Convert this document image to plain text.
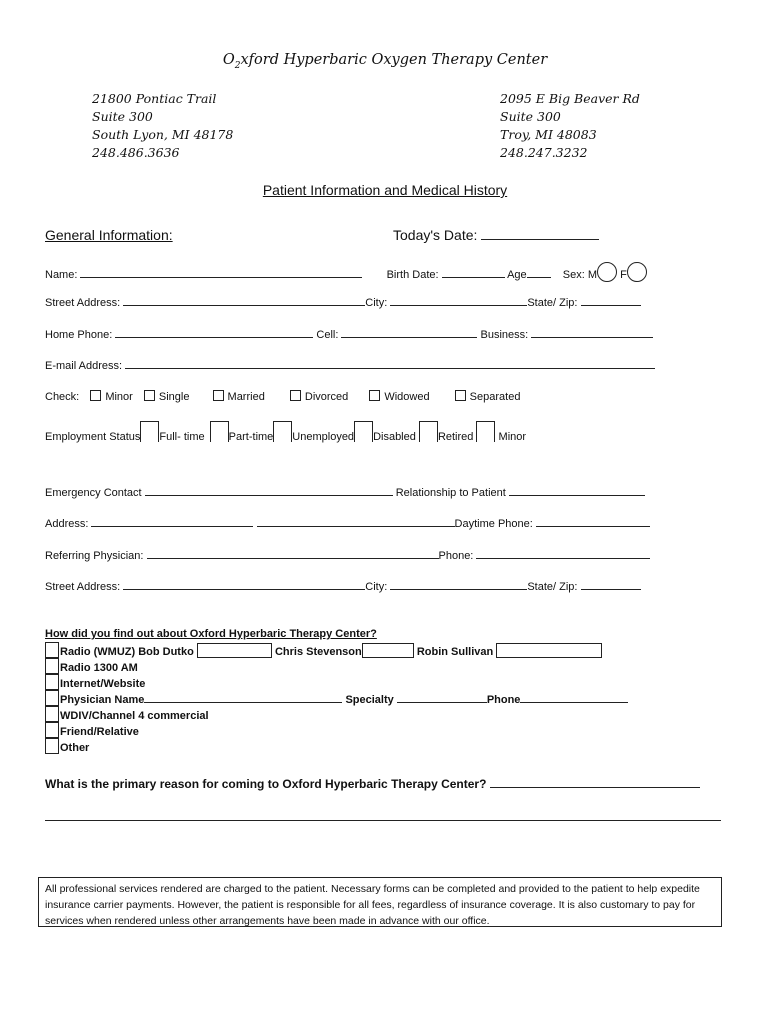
$O_2xford$ Hyperbaric Oxygen Therapy Center
21800 Pontiac Trail
Suite 300
South Lyon, MI 48178
248.486.3636
2095 E Big Beaver Rd
Suite 300
Troy, MI 48083
248.247.3232
Patient Information and Medical History
General Information:	Today's Date:
Name:	Birth Date:	Age	Sex: M F
Street Address:	City:	State/ Zip:
Home Phone:	Cell:	Business:
E-mail Address:
Check: Minor Single	Married	Divorced	Widowed	Separated
Employment Status Full- time Part-time Unemployed Disabled Retired Minor
Emergency Contact	Relationship to Patient
Address:	Daytime Phone:
Referring Physician:	Phone:
Street Address:	City:	State/ Zip:
How did you find out about Oxford Hyperbaric Therapy Center?
Radio (WMUZ) Bob Dutko	Chris Stevenson	Robin Sullivan
Radio 1300 AM
Internet/Website
Physician Name	Specialty	Phone
WDIV/Channel 4 commercial
Friend/Relative
Other
What is the primary reason for coming to Oxford Hyperbaric Therapy Center?
All professional services rendered are charged to the patient. Necessary forms can be completed and provided to the patient to help expedite insurance carrier payments. However, the patient is responsible for all fees, regardless of insurance coverage. It is also customary to pay for services when rendered unless other arrangements have been made in advance with our office.
